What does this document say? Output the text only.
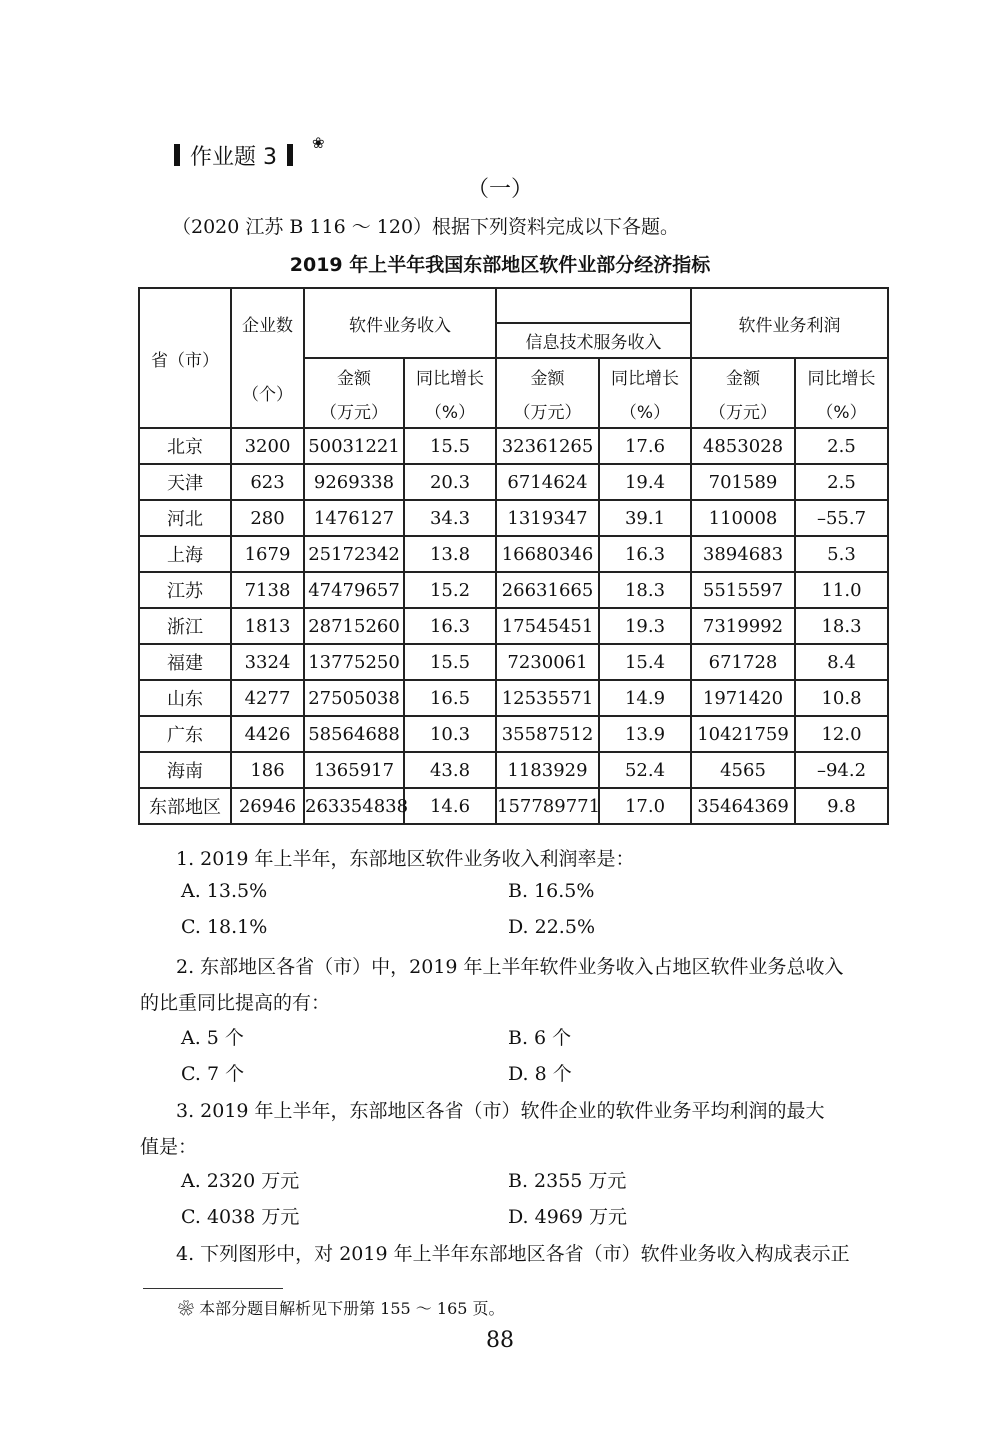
作业题 3
❀
（一）
（2020 江苏 B 116 ～ 120）根据下列资料完成以下各题。
2019 年上半年我国东部地区软件业部分经济指标
省（市）	企业数	软件业务收入				软件业务利润	
				信息技术服务收入			
	（个）	金额	同比增长	金额	同比增长	金额	同比增长
		（万元）	（%）	（万元）	（%）	（万元）	（%）
北京	3200	50031221	15.5	32361265	17.6	4853028	2.5
天津	623	9269338	20.3	6714624	19.4	701589	2.5
河北	280	1476127	34.3	1319347	39.1	110008	–55.7
上海	1679	25172342	13.8	16680346	16.3	3894683	5.3
江苏	7138	47479657	15.2	26631665	18.3	5515597	11.0
浙江	1813	28715260	16.3	17545451	19.3	7319992	18.3
福建	3324	13775250	15.5	7230061	15.4	671728	8.4
山东	4277	27505038	16.5	12535571	14.9	1971420	10.8
广东	4426	58564688	10.3	35587512	13.9	10421759	12.0
海南	186	1365917	43.8	1183929	52.4	4565	–94.2
东部地区	26946	263354838	14.6	157789771	17.0	35464369	9.8
1. 2019 年上半年，东部地区软件业务收入利润率是：
A. 13.5%	B. 16.5%
C. 18.1%	D. 22.5%
2. 东部地区各省（市）中，2019 年上半年软件业务收入占地区软件业务总收入
的比重同比提高的有：
A. 5 个	B. 6 个
C. 7 个	D. 8 个
3. 2019 年上半年，东部地区各省（市）软件企业的软件业务平均利润的最大
值是：
A. 2320 万元	B. 2355 万元
C. 4038 万元	D. 4969 万元
4. 下列图形中，对 2019 年上半年东部地区各省（市）软件业务收入构成表示正
❀ 本部分题目解析见下册第 155 ～ 165 页。
88
